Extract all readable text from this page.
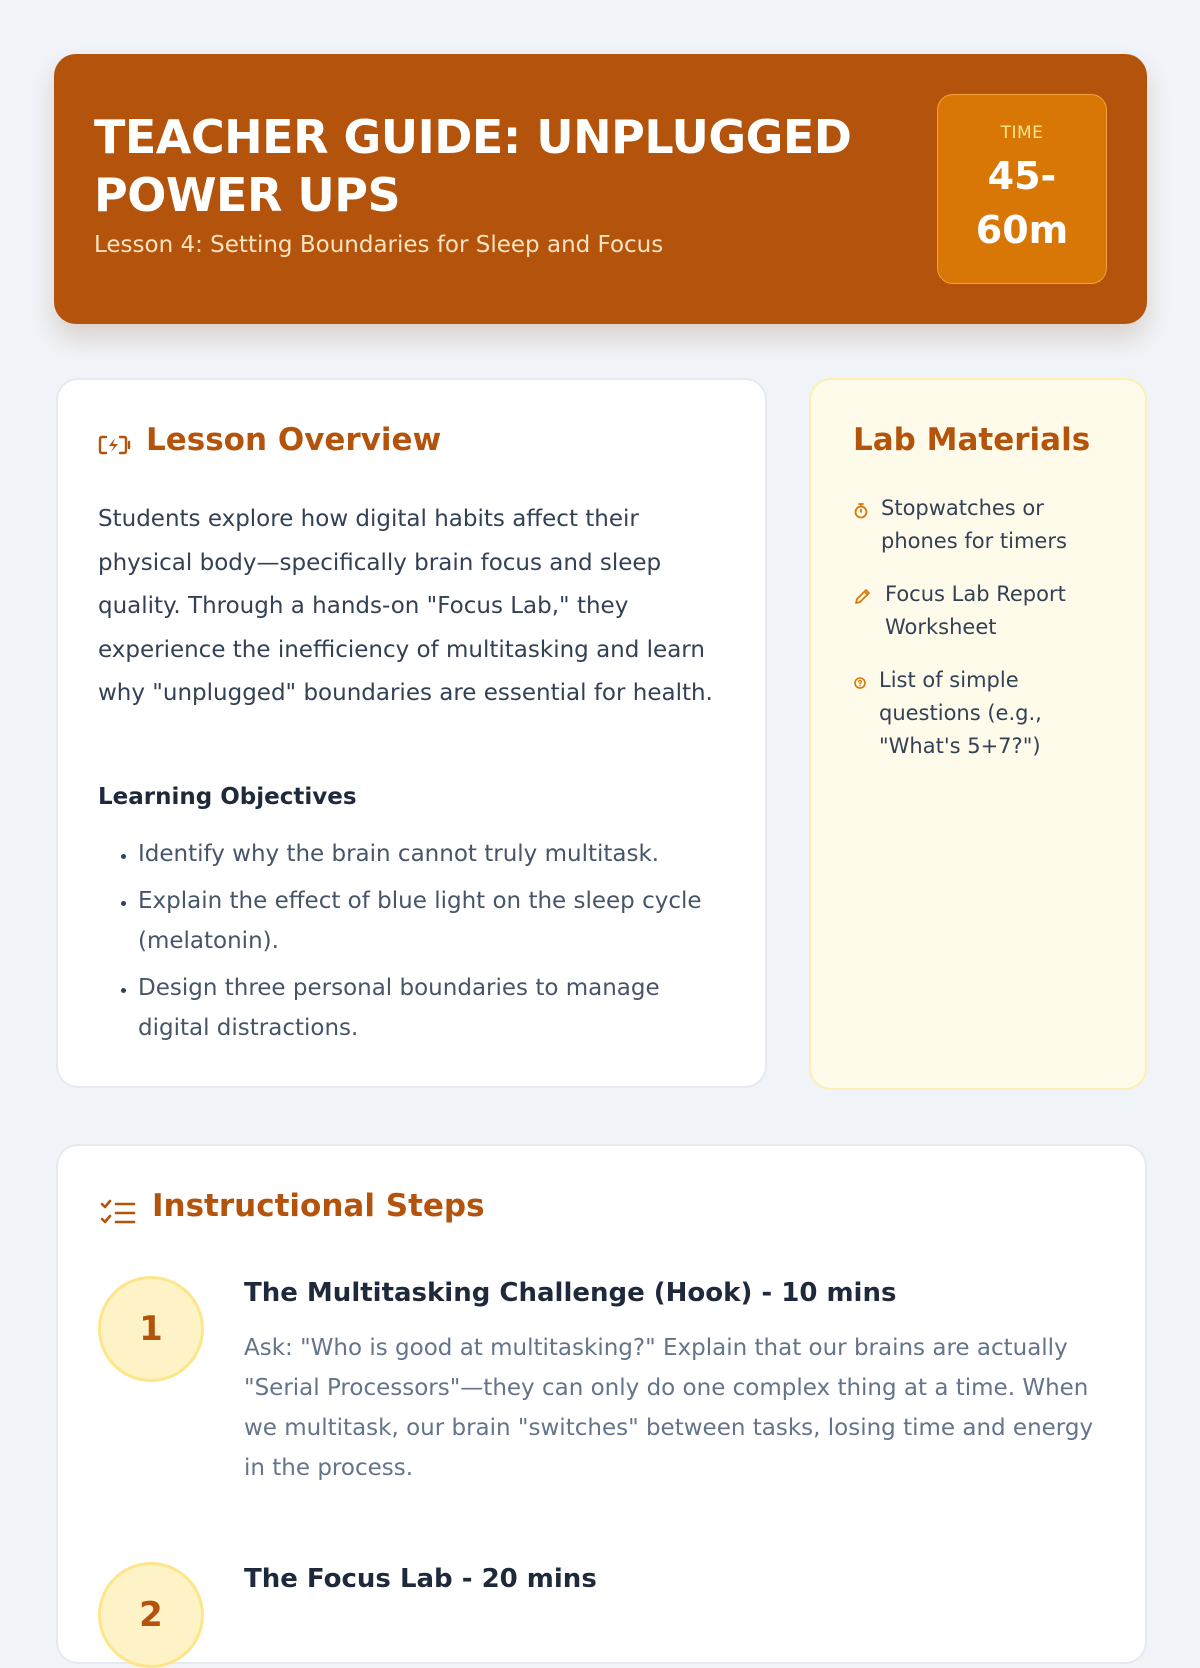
TEACHER GUIDE: UNPLUGGED POWER UPS
Lesson 4: Setting Boundaries for Sleep and Focus
TIME
45-
60m
Lesson Overview

Students explore how digital habits affect their physical body—specifically brain focus and sleep quality. Through a hands-on "Focus Lab," they experience the inefficiency of multitasking and learn why "unplugged" boundaries are essential for health.

Learning Objectives
• Identify why the brain cannot truly multitask.
• Explain the effect of blue light on the sleep cycle (melatonin).
• Design three personal boundaries to manage digital distractions.
Lab Materials
Stopwatches or phones for timers
Focus Lab Report Worksheet
List of simple questions (e.g., "What's 5+7?")
Instructional Steps
1
The Multitasking Challenge (Hook) - 10 mins

Ask: "Who is good at multitasking?" Explain that our brains are actually "Serial Processors"—they can only do one complex thing at a time. When we multitask, our brain "switches" between tasks, losing time and energy in the process.

2
The Focus Lab - 20 mins
